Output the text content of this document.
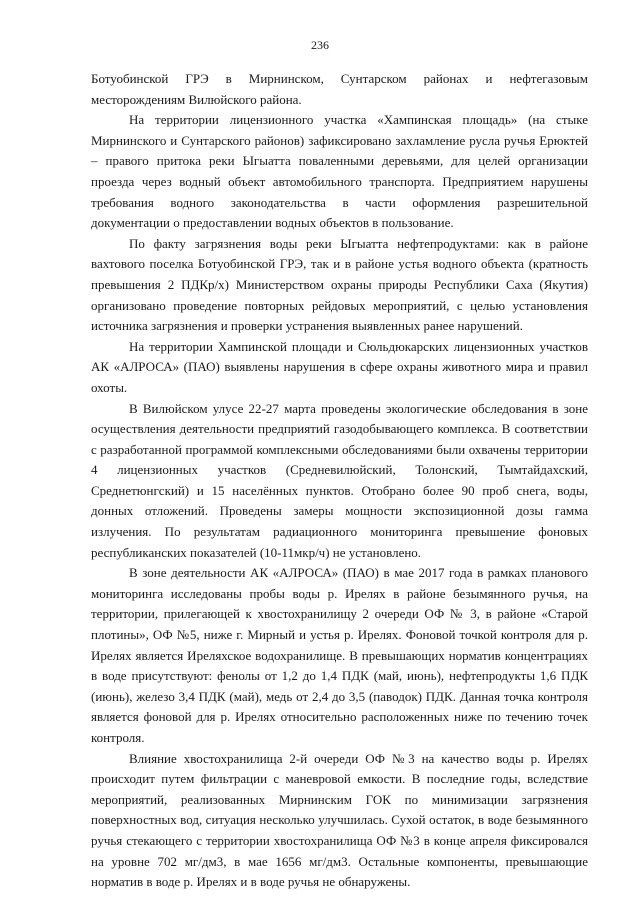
236

Ботуобинской ГРЭ в Мирнинском, Сунтарском районах и нефтегазовым месторождениям Вилюйского района.

На территории лицензионного участка «Хампинская площадь» (на стыке Мирнинского и Сунтарского районов) зафиксировано захламление русла ручья Ерюктей – правого притока реки Ыгыатта поваленными деревьями, для целей организации проезда через водный объект автомобильного транспорта. Предприятием нарушены требования водного законодательства в части оформления разрешительной документации о предоставлении водных объектов в пользование.

По факту загрязнения воды реки Ыгыатта нефтепродуктами: как в районе вахтового поселка Ботуобинской ГРЭ, так и в районе устья водного объекта (кратность превышения 2 ПДКр/х) Министерством охраны природы Республики Саха (Якутия) организовано проведение повторных рейдовых мероприятий, с целью установления источника загрязнения и проверки устранения выявленных ранее нарушений.

На территории Хампинской площади и Сюльдюкарских лицензионных участков АК «АЛРОСА» (ПАО) выявлены нарушения в сфере охраны животного мира и правил охоты.

В Вилюйском улусе 22-27 марта проведены экологические обследования в зоне осуществления деятельности предприятий газодобывающего комплекса. В соответствии с разработанной программой комплексными обследованиями были охвачены территории 4 лицензионных участков (Средневилюйский, Толонский, Тымтайдахский, Среднетюнгский) и 15 населённых пунктов. Отобрано более 90 проб снега, воды, донных отложений. Проведены замеры мощности экспозиционной дозы гамма излучения. По результатам радиационного мониторинга превышение фоновых республиканских показателей (10-11мкр/ч) не установлено.

В зоне деятельности АК «АЛРОСА» (ПАО) в мае 2017 года в рамках планового мониторинга исследованы пробы воды р. Ирелях в районе безымянного ручья, на территории, прилегающей к хвостохранилищу 2 очереди ОФ № 3, в районе «Старой плотины», ОФ №5, ниже г. Мирный и устья р. Ирелях. Фоновой точкой контроля для р. Ирелях является Иреляхское водохранилище. В превышающих норматив концентрациях в воде присутствуют: фенолы от 1,2 до 1,4 ПДК (май, июнь), нефтепродукты 1,6 ПДК (июнь), железо 3,4 ПДК (май), медь от 2,4 до 3,5 (паводок) ПДК. Данная точка контроля является фоновой для р. Ирелях относительно расположенных ниже по течению точек контроля.

Влияние хвостохранилища 2-й очереди ОФ №3 на качество воды р. Ирелях происходит путем фильтрации с маневровой емкости. В последние годы, вследствие мероприятий, реализованных Мирнинским ГОК по минимизации загрязнения поверхностных вод, ситуация несколько улучшилась. Сухой остаток, в воде безымянного ручья стекающего с территории хвостохранилища ОФ №3 в конце апреля фиксировался на уровне 702 мг/дм3, в мае 1656 мг/дм3. Остальные компоненты, превышающие норматив в воде р. Ирелях и в воде ручья не обнаружены.
